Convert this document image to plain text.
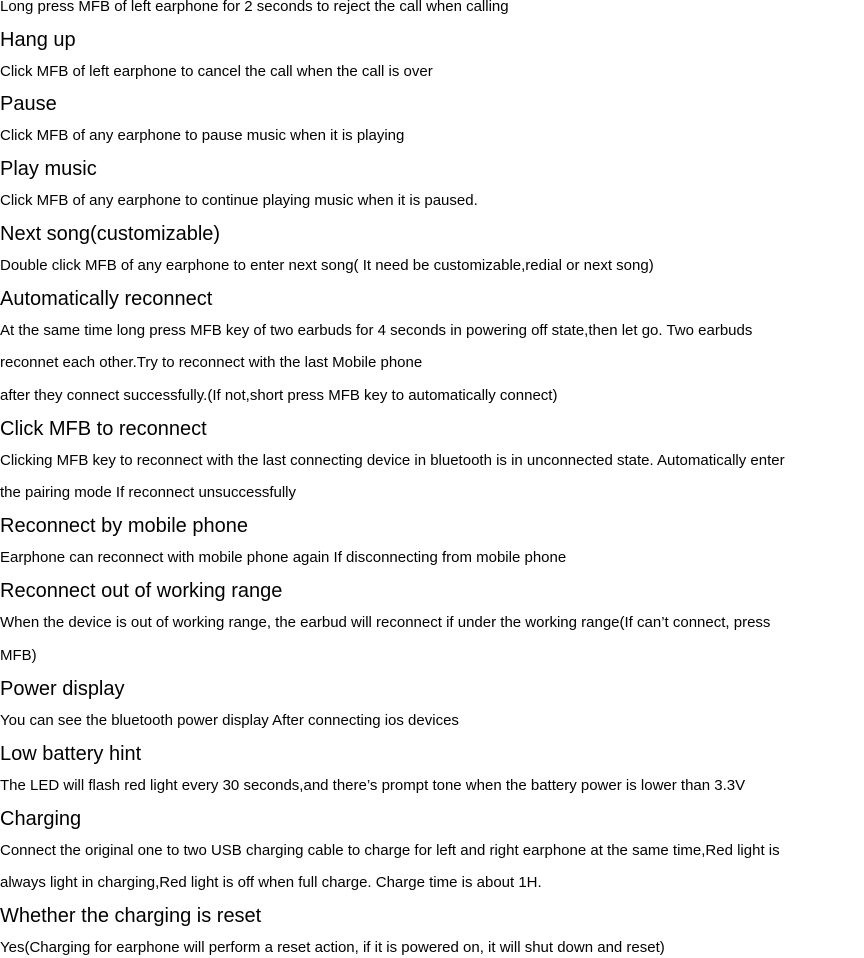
Long press MFB of left earphone for 2 seconds to reject the call when calling

Hang up

Click MFB of left earphone to cancel the call when the call is over

Pause

Click MFB of any earphone to pause music when it is playing

Play music

Click MFB of any earphone to continue playing music when it is paused.

Next song(customizable)

Double click MFB of any earphone to enter next song( It need be customizable,redial or next song)

Automatically reconnect

At the same time long press MFB key of two earbuds for 4 seconds in powering off state,then let go. Two earbuds

reconnet each other.Try to reconnect with the last Mobile phone

after they connect successfully.(If not,short press MFB key to automatically connect)

Click MFB to reconnect

Clicking MFB key to reconnect with the last connecting device in bluetooth is in unconnected state. Automatically enter

the pairing mode If reconnect unsuccessfully

Reconnect by mobile phone

Earphone can reconnect with mobile phone again If disconnecting from mobile phone

Reconnect out of working range

When the device is out of working range, the earbud will reconnect if under the working range(If can’t connect, press

MFB)

Power display

You can see the bluetooth power display After connecting ios devices

Low battery hint

The LED will flash red light every 30 seconds,and there’s prompt tone when the battery power is lower than 3.3V

Charging

Connect the original one to two USB charging cable to charge for left and right earphone at the same time,Red light is

always light in charging,Red light is off when full charge. Charge time is about 1H.

Whether the charging is reset

Yes(Charging for earphone will perform a reset action, if it is powered on, it will shut down and reset)
